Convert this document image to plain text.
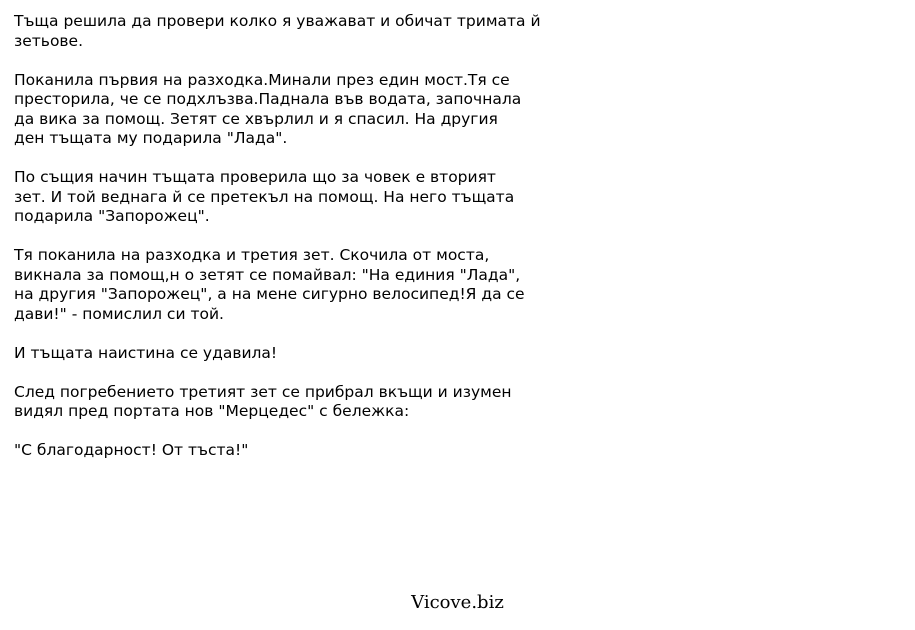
Тъща решила да провери колко я уважават и обичат тримата й
зетьове.

Поканила първия на разходка.Минали през един мост.Тя се
престорила, че се подхлъзва.Паднала във водата, започнала
да вика за помощ. Зетят се хвърлил и я спасил. На другия
ден тъщата му подарила "Лада".

По същия начин тъщата проверила що за човек е вторият
зет. И той веднага й се претекъл на помощ. На него тъщата
подарила "Запорожец".

Тя поканила на разходка и третия зет. Скочила от моста,
викнала за помощ,н о зетят се помайвал: "На единия "Лада",
на другия "Запорожец", а на мене сигурно велосипед!Я да се
дави!" - помислил си той.

И тъщата наистина се удавила!

След погребението третият зет се прибрал вкъщи и изумен
видял пред портата нов "Мерцедес" с бележка:

"С благодарност! От тъста!"

Vicove.biz
